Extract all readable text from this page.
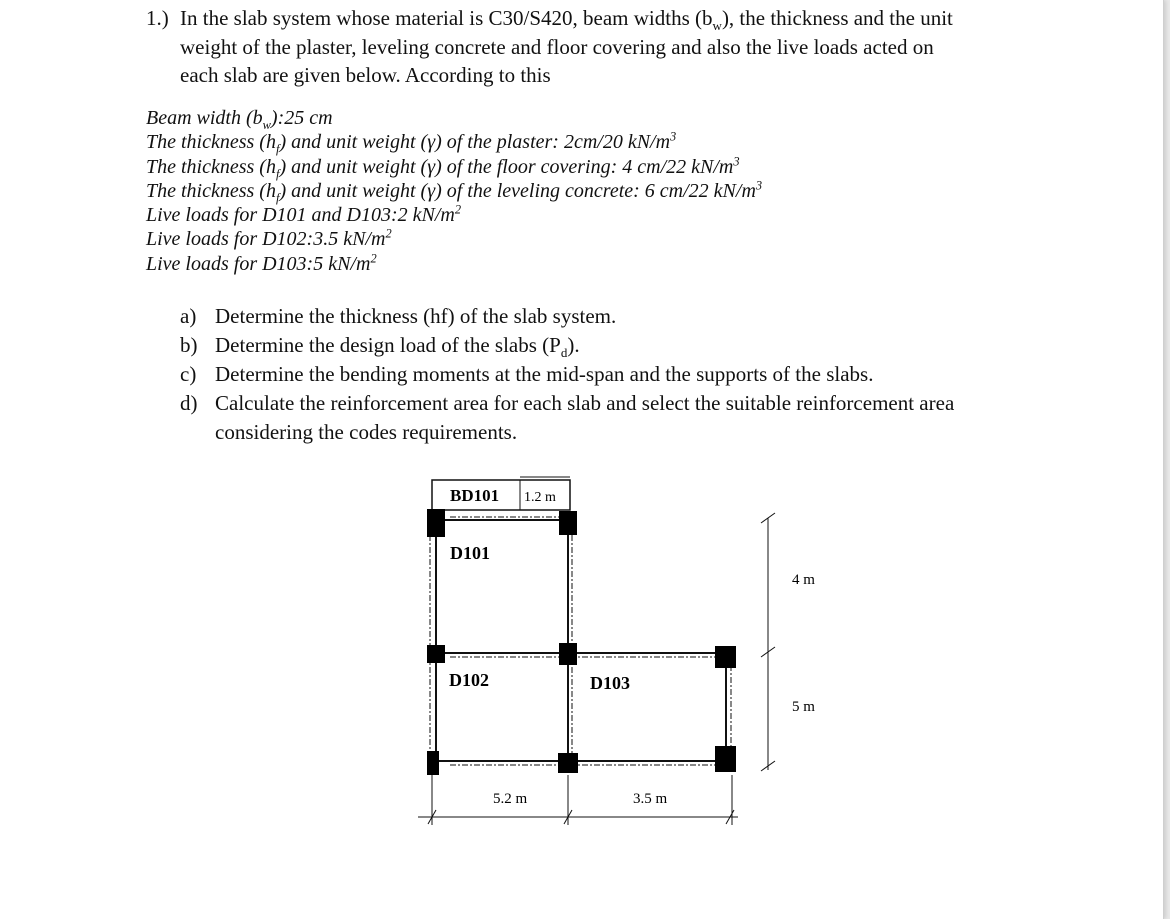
1.) In the slab system whose material is C30/S420, beam widths $(b_w)$, the thickness and the unit
weight of the plaster, leveling concrete and floor covering and also the live loads acted on
each slab are given below. According to this
Beam width $(b_w):25$ cm
The thickness $(h_f)$ and unit weight (γ) of the plaster: 2cm/20 $kN/m^3$
The thickness $(h_f)$ and unit weight (γ) of the floor covering: 4 cm/22 $kN/m^3$
The thickness $(h_f)$ and unit weight (γ) of the leveling concrete: 6 cm/22 $kN/m^3$
Live loads for D101 and D103:2 $kN/m^2$
Live loads for D102:3.5 $kN/m^2$
Live loads for D103:5 $kN/m^2$
a) Determine the thickness (hf) of the slab system.
b) Determine the design load of the slabs $(P_d)$.
c) Determine the bending moments at the mid-span and the supports of the slabs.
d) Calculate the reinforcement area for each slab and select the suitable reinforcement area considering the codes requirements.
BD101 1.2 m
D101
D102	D103
4 m
5 m
5.2 m	3.5 m
